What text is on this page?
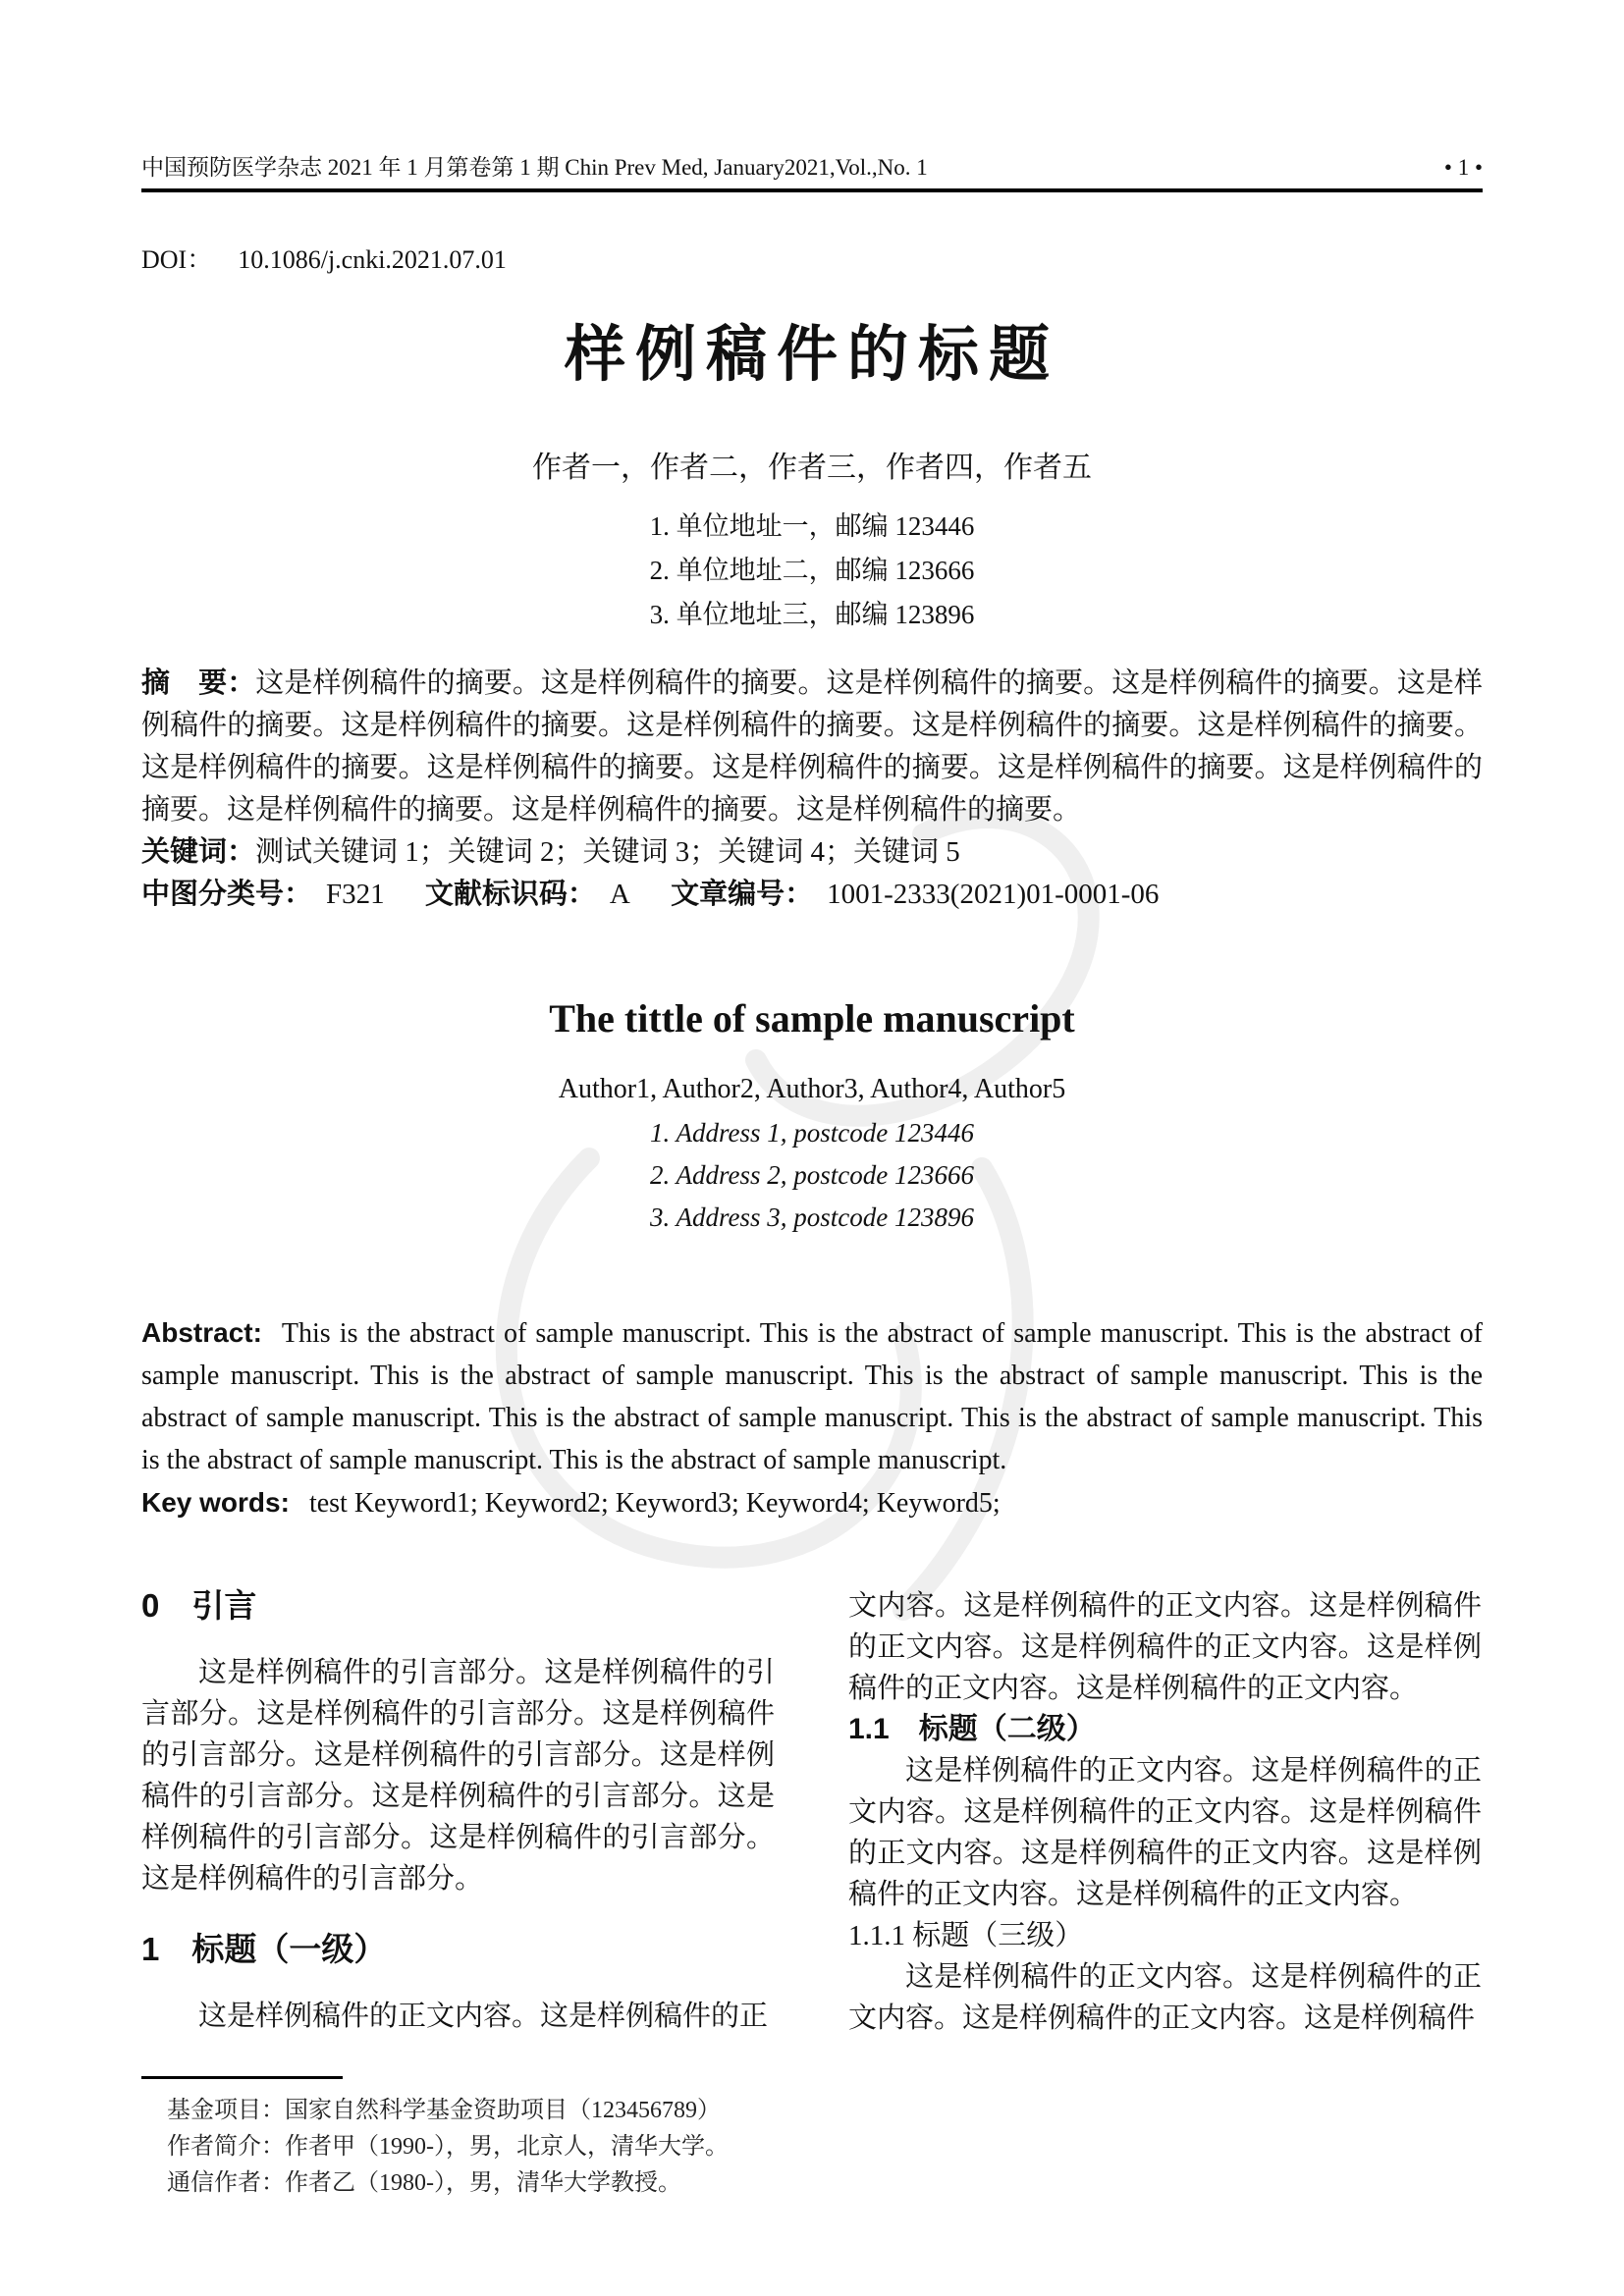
中国预防医学杂志 2021 年 1 月第卷第 1 期 Chin Prev Med, January2021,Vol.,No. 1	• 1 •
DOI： 10.1086/j.cnki.2021.07.01
样例稿件的标题
作者一，作者二，作者三，作者四，作者五
1. 单位地址一，邮编 123446
2. 单位地址二，邮编 123666
3. 单位地址三，邮编 123896
摘　要：这是样例稿件的摘要。这是样例稿件的摘要。这是样例稿件的摘要。这是样例稿件的摘要。这是样例稿件的摘要。这是样例稿件的摘要。这是样例稿件的摘要。这是样例稿件的摘要。这是样例稿件的摘要。这是样例稿件的摘要。这是样例稿件的摘要。这是样例稿件的摘要。这是样例稿件的摘要。这是样例稿件的摘要。这是样例稿件的摘要。这是样例稿件的摘要。这是样例稿件的摘要。
关键词：测试关键词 1；关键词 2；关键词 3；关键词 4；关键词 5
中图分类号： F321 文献标识码： A 文章编号： 1001-2333(2021)01-0001-06
The tittle of sample manuscript
Author1, Author2, Author3, Author4, Author5
1. Address 1, postcode 123446
2. Address 2, postcode 123666
3. Address 3, postcode 123896
Abstract: This is the abstract of sample manuscript. This is the abstract of sample manuscript. This is the abstract of sample manuscript. This is the abstract of sample manuscript. This is the abstract of sample manuscript. This is the abstract of sample manuscript. This is the abstract of sample manuscript. This is the abstract of sample manuscript. This is the abstract of sample manuscript. This is the abstract of sample manuscript.
Key words: test Keyword1; Keyword2; Keyword3; Keyword4; Keyword5;
0　引言

这是样例稿件的引言部分。这是样例稿件的引言部分。这是样例稿件的引言部分。这是样例稿件的引言部分。这是样例稿件的引言部分。这是样例稿件的引言部分。这是样例稿件的引言部分。这是样例稿件的引言部分。这是样例稿件的引言部分。这是样例稿件的引言部分。

1　标题（一级）

这是样例稿件的正文内容。这是样例稿件的正

文内容。这是样例稿件的正文内容。这是样例稿件的正文内容。这是样例稿件的正文内容。这是样例稿件的正文内容。这是样例稿件的正文内容。

1.1　标题（二级）

这是样例稿件的正文内容。这是样例稿件的正文内容。这是样例稿件的正文内容。这是样例稿件的正文内容。这是样例稿件的正文内容。这是样例稿件的正文内容。这是样例稿件的正文内容。

1.1.1 标题（三级）

这是样例稿件的正文内容。这是样例稿件的正文内容。这是样例稿件的正文内容。这是样例稿件

基金项目：国家自然科学基金资助项目（123456789）
作者简介：作者甲（1990-），男，北京人，清华大学。
通信作者：作者乙（1980-），男，清华大学教授。
